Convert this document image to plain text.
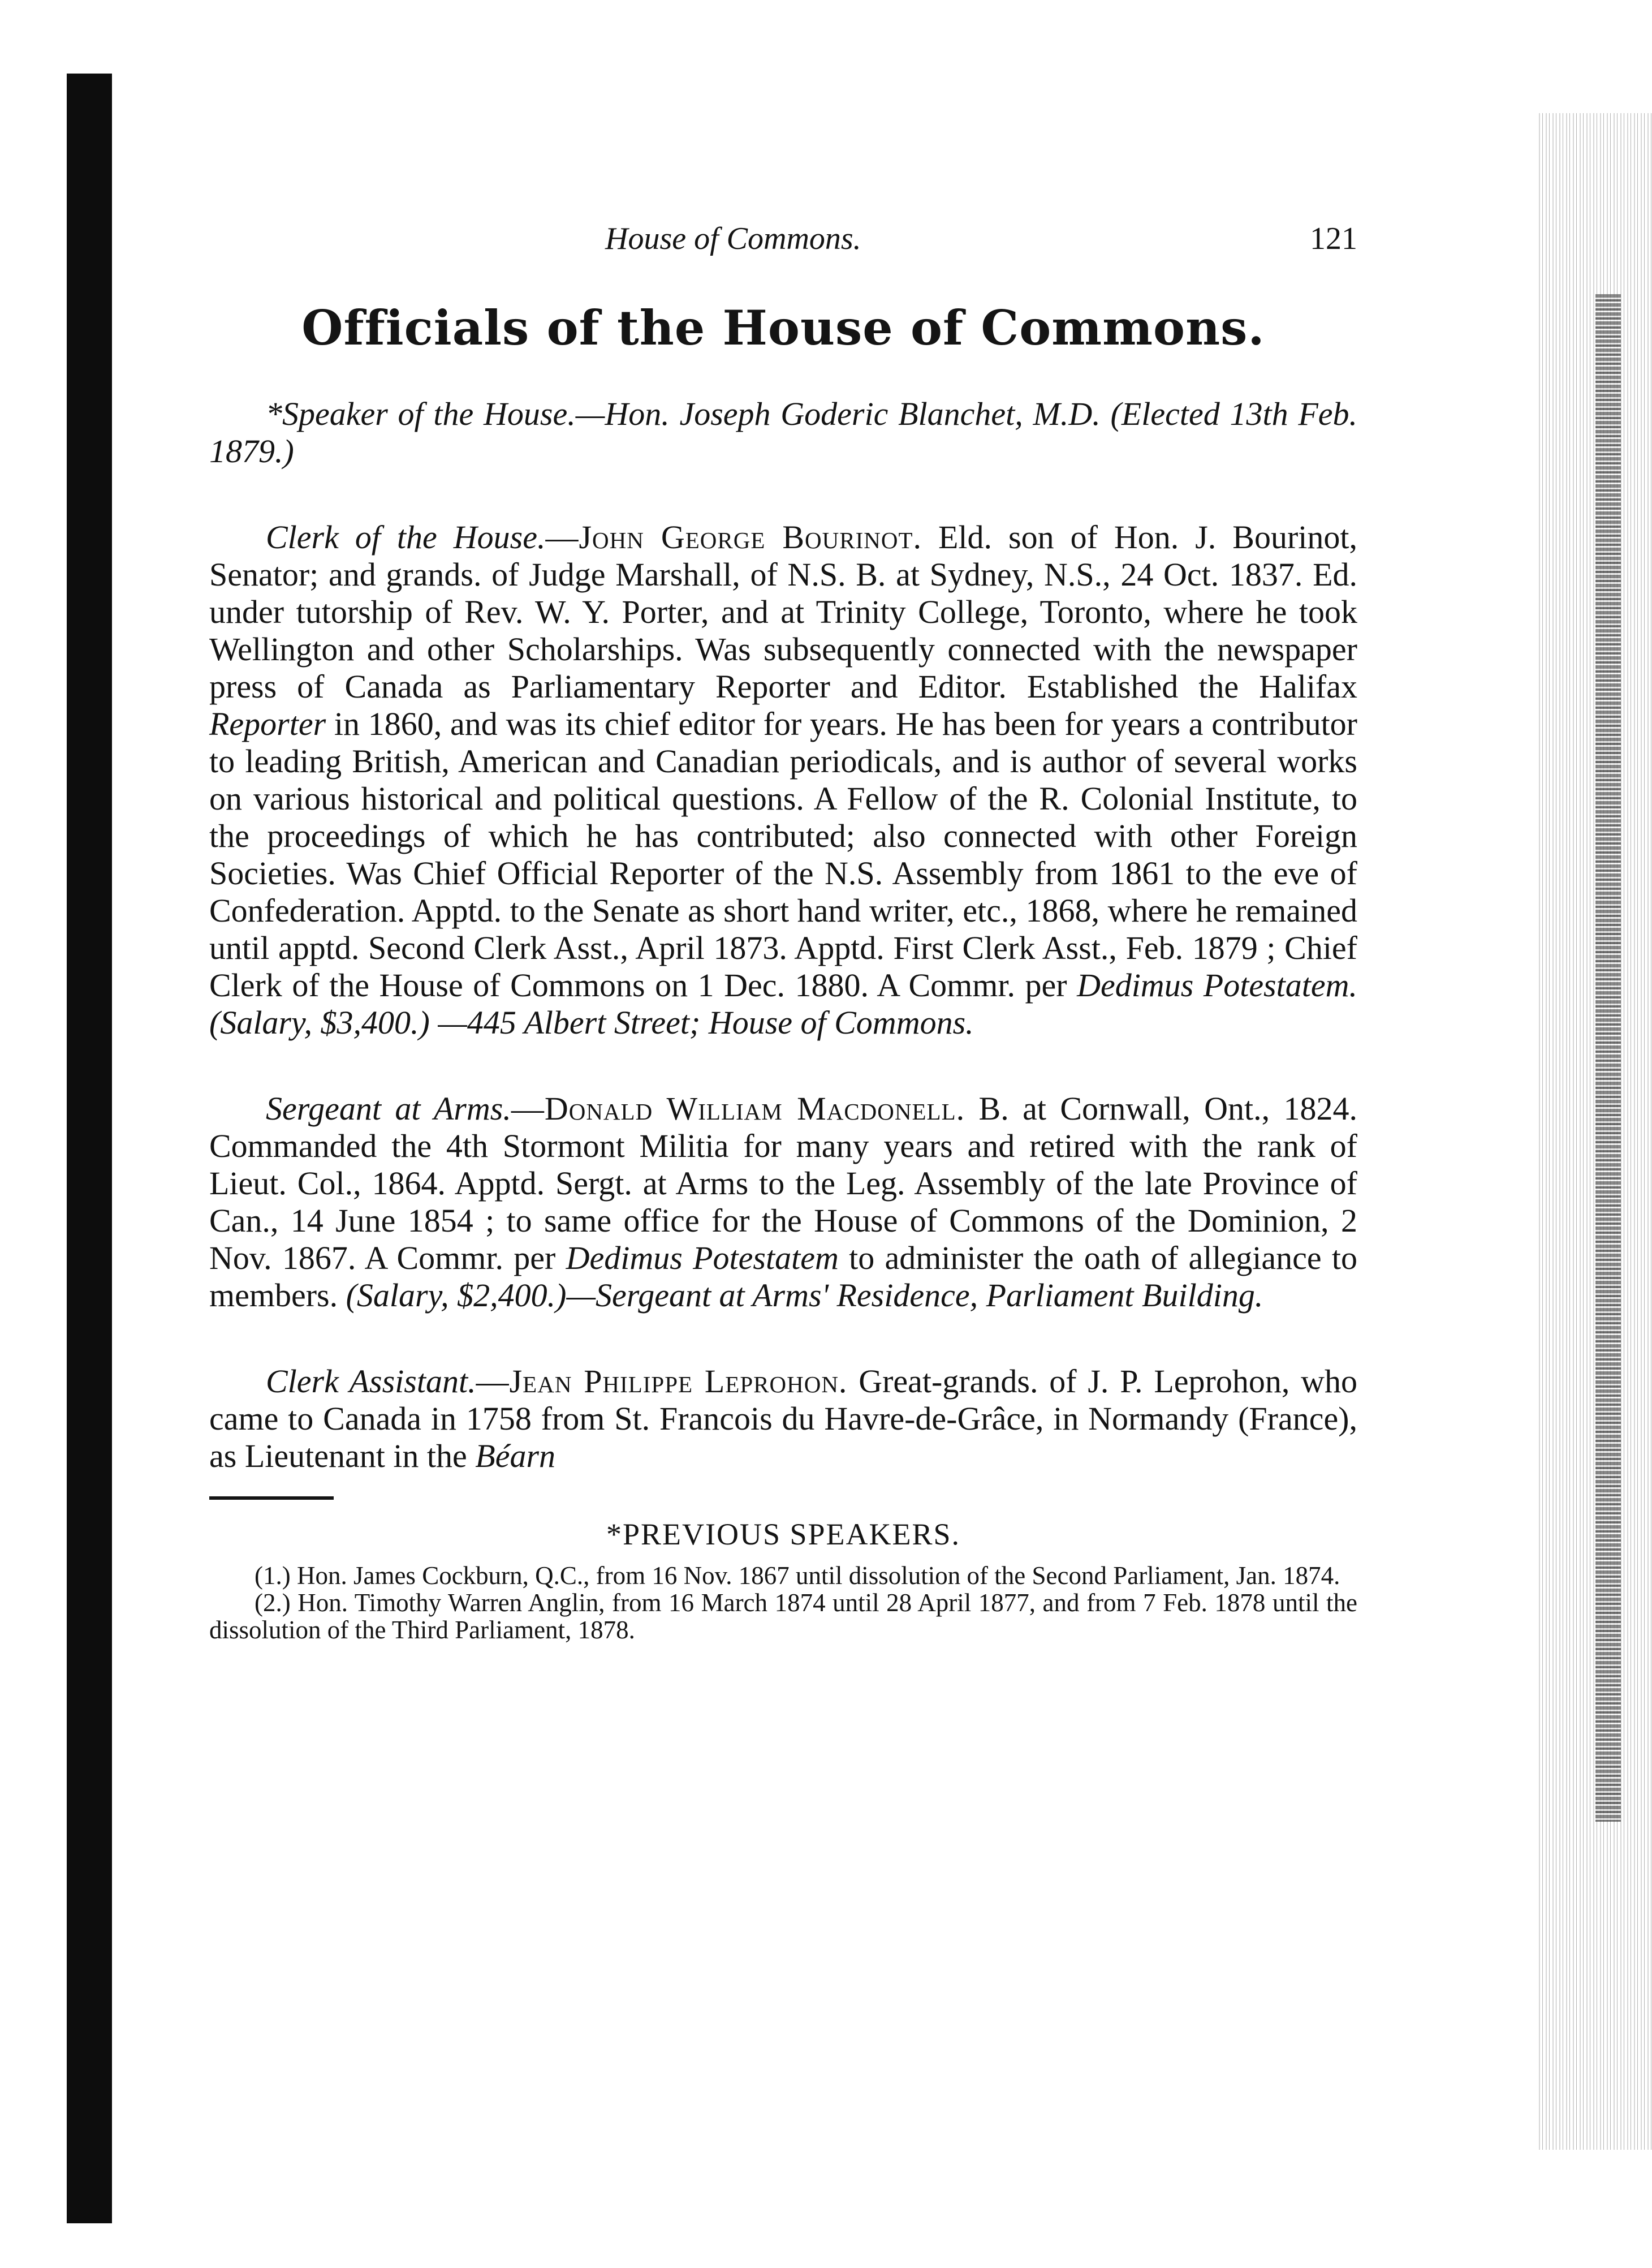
House of Commons.	121
Officials of the House of Commons.

*Speaker of the House.—Hon. Joseph Goderic Blanchet, M.D. (Elected 13th Feb. 1879.)

Clerk of the House.—John George Bourinot. Eld. son of Hon. J. Bourinot, Senator; and grands. of Judge Marshall, of N.S. B. at Sydney, N.S., 24 Oct. 1837. Ed. under tutorship of Rev. W. Y. Porter, and at Trinity College, Toronto, where he took Wellington and other Scholarships. Was subsequently connected with the newspaper press of Canada as Parliamentary Reporter and Editor. Established the Halifax Reporter in 1860, and was its chief editor for years. He has been for years a contributor to leading British, American and Canadian periodicals, and is author of several works on various historical and political questions. A Fellow of the R. Colonial Institute, to the proceedings of which he has contributed; also connected with other Foreign Societies. Was Chief Official Reporter of the N.S. Assembly from 1861 to the eve of Confederation. Apptd. to the Senate as short hand writer, etc., 1868, where he remained until apptd. Second Clerk Asst., April 1873. Apptd. First Clerk Asst., Feb. 1879 ; Chief Clerk of the House of Commons on 1 Dec. 1880. A Commr. per Dedimus Potestatem. (Salary, $3,400.) —445 Albert Street; House of Commons.

Sergeant at Arms.—Donald William Macdonell. B. at Cornwall, Ont., 1824. Commanded the 4th Stormont Militia for many years and retired with the rank of Lieut. Col., 1864. Apptd. Sergt. at Arms to the Leg. Assembly of the late Province of Can., 14 June 1854 ; to same office for the House of Commons of the Dominion, 2 Nov. 1867. A Commr. per Dedimus Potestatem to administer the oath of allegiance to members. (Salary, $2,400.)—Sergeant at Arms' Residence, Parliament Building.

Clerk Assistant.—Jean Philippe Leprohon. Great-grands. of J. P. Leprohon, who came to Canada in 1758 from St. Francois du Havre-de-Grâce, in Normandy (France), as Lieutenant in the Béarn

*PREVIOUS SPEAKERS.

(1.) Hon. James Cockburn, Q.C., from 16 Nov. 1867 until dissolution of the Second Parliament, Jan. 1874.

(2.) Hon. Timothy Warren Anglin, from 16 March 1874 until 28 April 1877, and from 7 Feb. 1878 until the dissolution of the Third Parliament, 1878.
